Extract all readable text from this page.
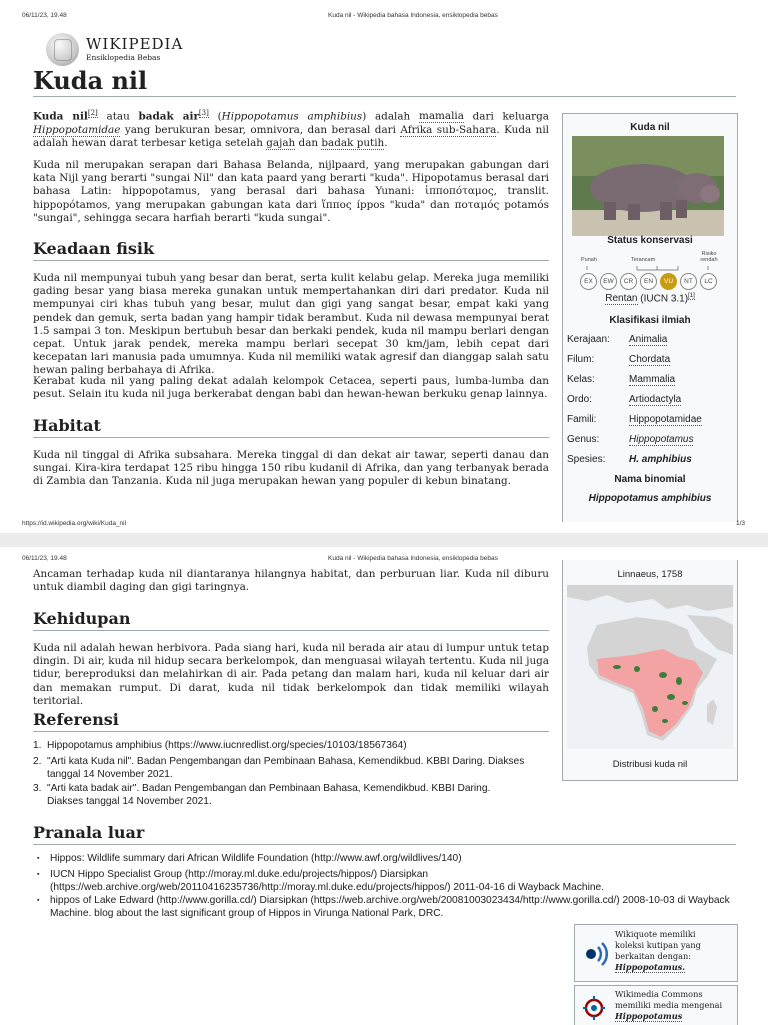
06/11/23, 19.48	Kuda nil - Wikipedia bahasa Indonesia, ensiklopedia bebas
WIKIPEDIA
Ensiklopedia Bebas
Kuda nil

Kuda nil[2] atau badak air[3] (Hippopotamus amphibius) adalah mamalia dari keluarga Hippopotamidae yang berukuran besar, omnivora, dan berasal dari Afrika sub-Sahara. Kuda nil adalah hewan darat terbesar ketiga setelah gajah dan badak putih.

Kuda nil merupakan serapan dari Bahasa Belanda, nijlpaard, yang merupakan gabungan dari kata Nijl yang berarti "sungai Nil" dan kata paard yang berarti "kuda". Hipopotamus berasal dari bahasa Latin: hippopotamus, yang berasal dari bahasa Yunani: ἱπποπόταμος, translit. hippopótamos, yang merupakan gabungan kata dari ἵππος íppos "kuda" dan ποταμός potamós "sungai", sehingga secara harfiah berarti "kuda sungai".

Keadaan fisik

Kuda nil mempunyai tubuh yang besar dan berat, serta kulit kelabu gelap. Mereka juga memiliki gading besar yang biasa mereka gunakan untuk mempertahankan diri dari predator. Kuda nil mempunyai ciri khas tubuh yang besar, mulut dan gigi yang sangat besar, empat kaki yang pendek dan gemuk, serta badan yang hampir tidak berambut. Kuda nil dewasa mempunyai berat 1.5 sampai 3 ton. Meskipun bertubuh besar dan berkaki pendek, kuda nil mampu berlari dengan cepat. Untuk jarak pendek, mereka mampu berlari secepat 30 km/jam, lebih cepat dari kecepatan lari manusia pada umumnya. Kuda nil memiliki watak agresif dan dianggap salah satu hewan paling berbahaya di Afrika.

Kerabat kuda nil yang paling dekat adalah kelompok Cetacea, seperti paus, lumba-lumba dan pesut. Selain itu kuda nil juga berkerabat dengan babi dan hewan-hewan berkuku genap lainnya.

Habitat

Kuda nil tinggal di Afrika subsahara. Mereka tinggal di dan dekat air tawar, seperti danau dan sungai. Kira-kira terdapat 125 ribu hingga 150 ribu kudanil di Afrika, dan yang terbanyak berada di Zambia dan Tanzania. Kuda nil juga merupakan hewan yang populer di kebun binatang.

Kuda nil
Status konservasi
Punah	Terancam
Risiko rendah
Rentan (IUCN 3.1)[1]
Klasifikasi ilmiah
Nama binomial
Hippopotamus amphibius
EX	EW	CR	EN	VU	NT	LC
Kerajaan: Animalia
Filum:	Chordata
Kelas:	Mammalia
Ordo:	Artiodactyla
Famili:	Hippopotamidae
Genus:	Hippopotamus
Spesies: H. amphibius
https://id.wikipedia.org/wiki/Kuda_nil	1/3
06/11/23, 19.48	Kuda nil - Wikipedia bahasa Indonesia, ensiklopedia bebas

Ancaman terhadap kuda nil diantaranya hilangnya habitat, dan perburuan liar. Kuda nil diburu untuk diambil daging dan gigi taringnya.

Kehidupan

Kuda nil adalah hewan herbivora. Pada siang hari, kuda nil berada air atau di lumpur untuk tetap dingin. Di air, kuda nil hidup secara berkelompok, dan menguasai wilayah tertentu. Kuda nil juga tidur, bereproduksi dan melahirkan di air. Pada petang dan malam hari, kuda nil keluar dari air dan memakan rumput. Di darat, kuda nil tidak berkelompok dan tidak memiliki wilayah teritorial.

Referensi
1. Hippopotamus amphibius (https://www.iucnredlist.org/species/10103/18567364)
2. "Arti kata Kuda nil". Badan Pengembangan dan Pembinaan Bahasa, Kemendikbud. KBBI Daring. Diakses tanggal 14 November 2021.
3. "Arti kata badak air". Badan Pengembangan dan Pembinaan Bahasa, Kemendikbud. KBBI Daring. Diakses tanggal 14 November 2021.
Linnaeus, 1758
Distribusi kuda nil
Pranala luar
▪ Hippos: Wildlife summary dari African Wildlife Foundation (http://www.awf.org/wildlives/140)
▪ IUCN Hippo Specialist Group (http://moray.ml.duke.edu/projects/hippos/) Diarsipkan (https://web.archive.org/web/20110416235736/http://moray.ml.duke.edu/projects/hippos/) 2011-04-16 di Wayback Machine.
▪ hippos of Lake Edward (http://www.gorilla.cd/) Diarsipkan (https://web.archive.org/web/20081003023434/http://www.gorilla.cd/) 2008-10-03 di Wayback Machine. blog about the last significant group of Hippos in Virunga National Park, DRC.
Wikiquote memiliki
koleksi kutipan yang
berkaitan dengan:
Hippopotamus.
Wikimedia Commons
memiliki media mengenai
Hippopotamus
